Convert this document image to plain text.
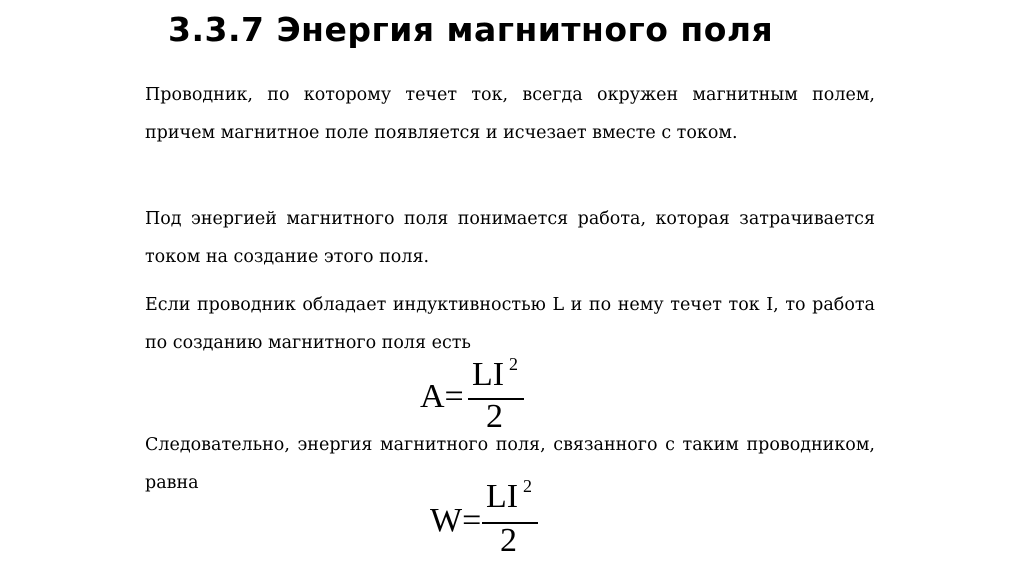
3.3.7 Энергия магнитного поля
Проводник, по которому течет ток, всегда окружен магнитным полем, причем магнитное поле появляется и исчезает вместе с током.
Под энергией магнитного поля понимается работа, которая затрачивается током на создание этого поля.
Если проводник обладает индуктивностью L и по нему течет ток I, то работа по созданию магнитного поля есть
A=
LI 2
2
Следовательно, энергия магнитного поля, связанного с таким проводником, равна
W=
LI 2
2
